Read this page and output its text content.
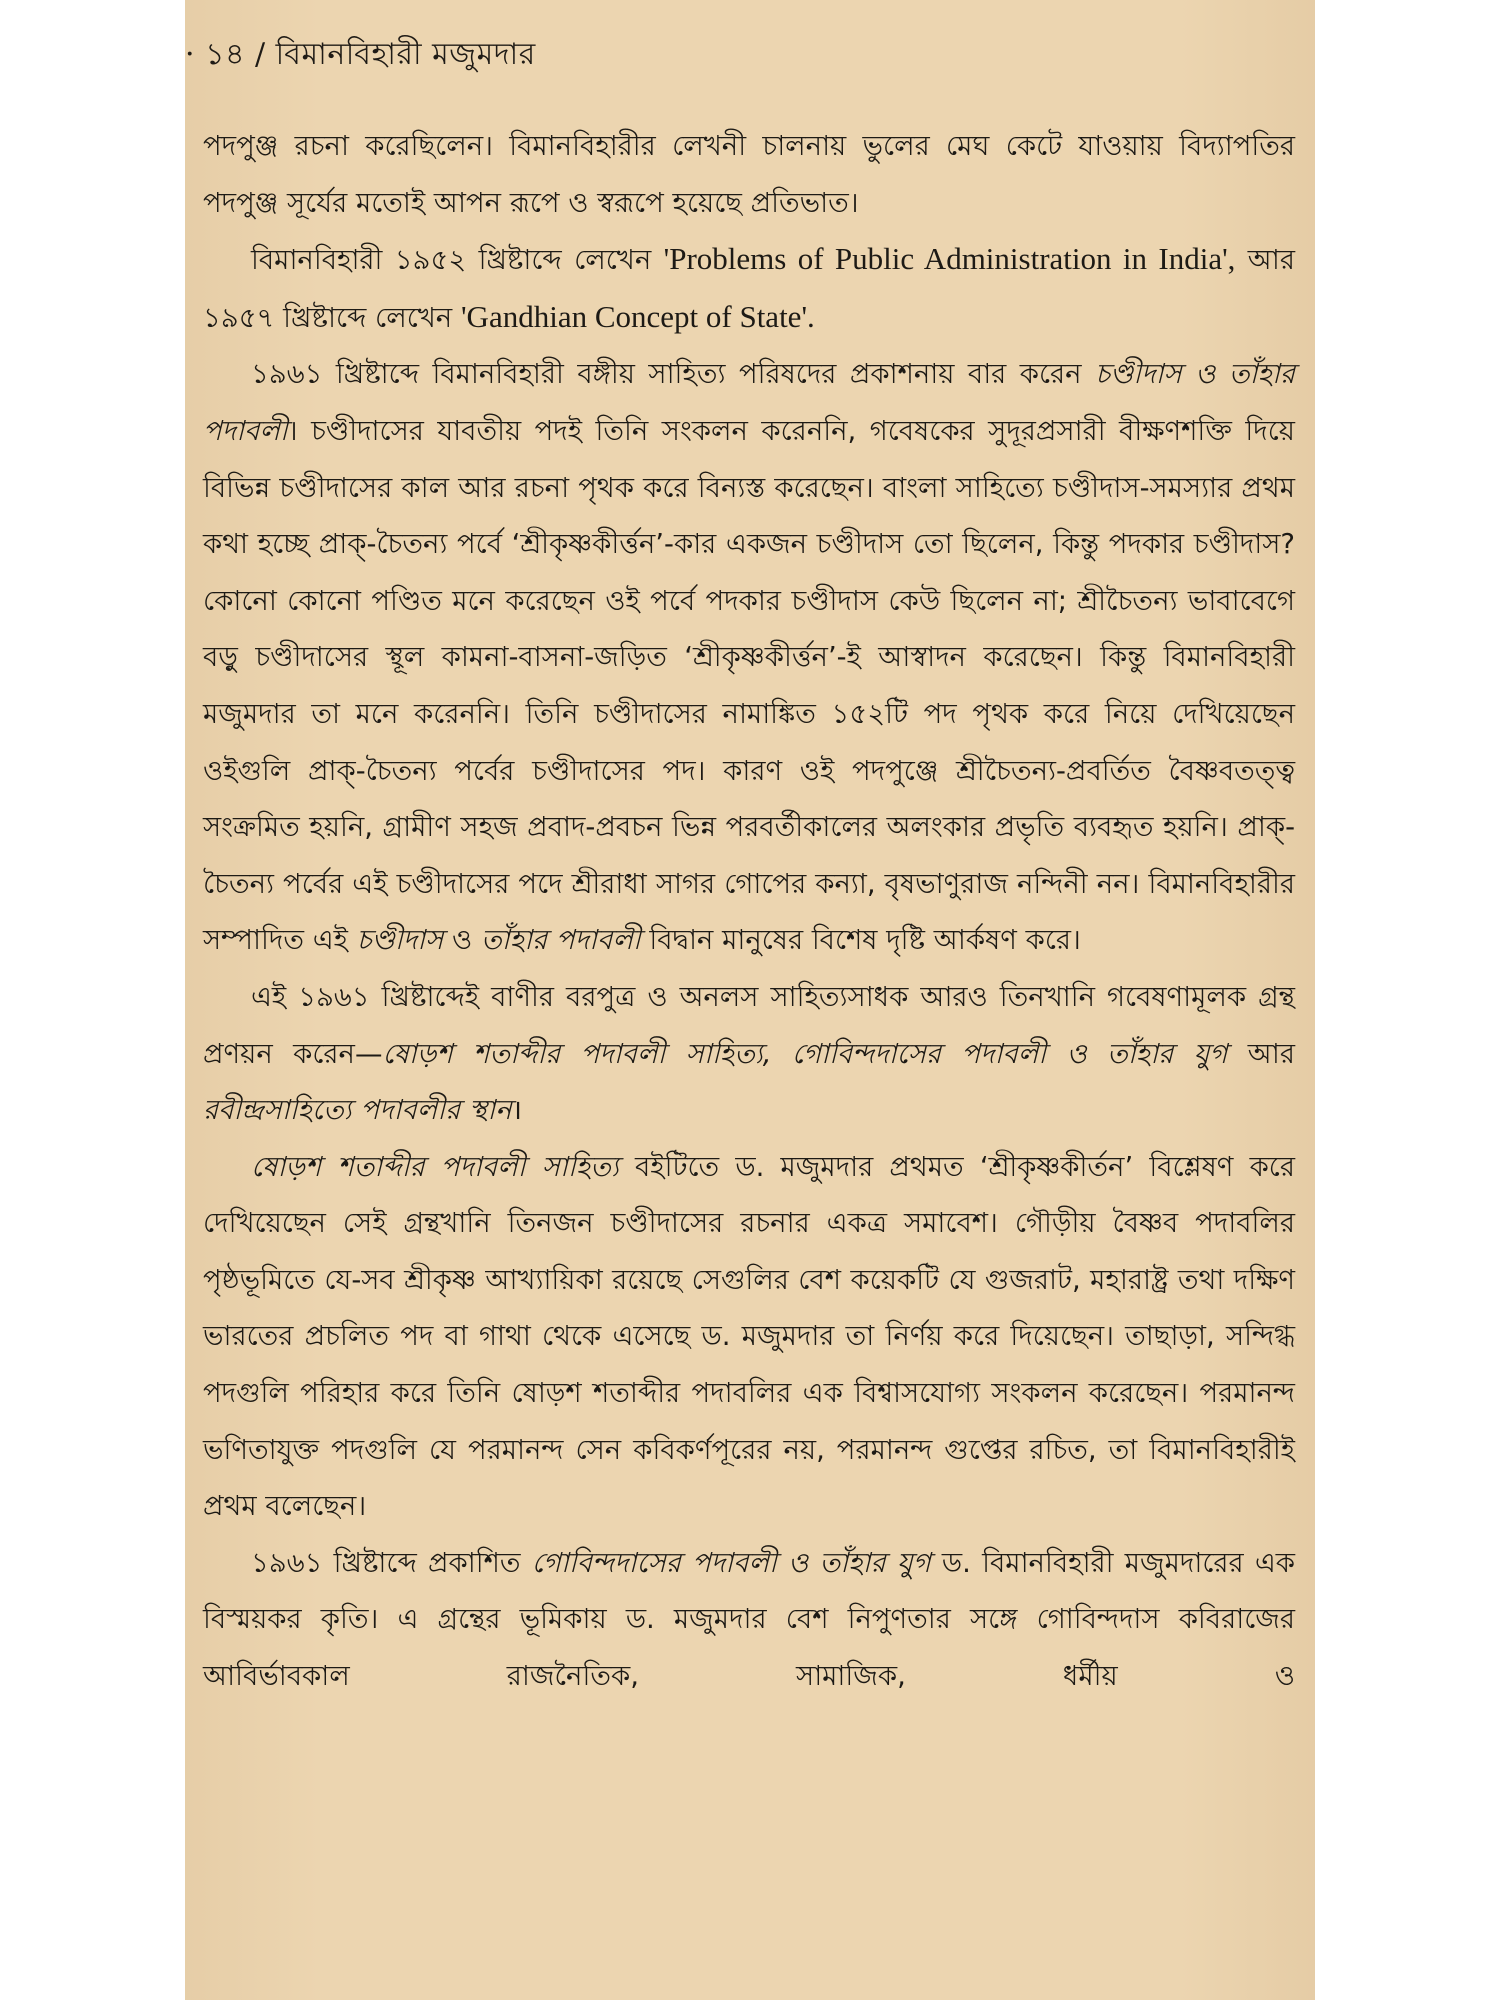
· ১৪ / বিমানবিহারী মজুমদার

পদপুঞ্জ রচনা করেছিলেন। বিমানবিহারীর লেখনী চালনায় ভুলের মেঘ কেটে যাওয়ায় বিদ্যাপতির পদপুঞ্জ সূর্যের মতোই আপন রূপে ও স্বরূপে হয়েছে প্রতিভাত।

বিমানবিহারী ১৯৫২ খ্রিষ্টাব্দে লেখেন 'Problems of Public Administration in India', আর ১৯৫৭ খ্রিষ্টাব্দে লেখেন 'Gandhian Concept of State'.

১৯৬১ খ্রিষ্টাব্দে বিমানবিহারী বঙ্গীয় সাহিত্য পরিষদের প্রকাশনায় বার করেন চণ্ডীদাস ও তাঁহার পদাবলী। চণ্ডীদাসের যাবতীয় পদই তিনি সংকলন করেননি, গবেষকের সুদূরপ্রসারী বীক্ষণশক্তি দিয়ে বিভিন্ন চণ্ডীদাসের কাল আর রচনা পৃথক করে বিন্যস্ত করেছেন। বাংলা সাহিত্যে চণ্ডীদাস-সমস্যার প্রথম কথা হচ্ছে প্রাক্-চৈতন্য পর্বে ‘শ্রীকৃষ্ণকীর্ত্তন’-কার একজন চণ্ডীদাস তো ছিলেন, কিন্তু পদকার চণ্ডীদাস? কোনো কোনো পণ্ডিত মনে করেছেন ওই পর্বে পদকার চণ্ডীদাস কেউ ছিলেন না; শ্রীচৈতন্য ভাবাবেগে বড়ু চণ্ডীদাসের স্থূল কামনা-বাসনা-জড়িত ‘শ্রীকৃষ্ণকীর্ত্তন’-ই আস্বাদন করেছেন। কিন্তু বিমানবিহারী মজুমদার তা মনে করেননি। তিনি চণ্ডীদাসের নামাঙ্কিত ১৫২টি পদ পৃথক করে নিয়ে দেখিয়েছেন ওইগুলি প্রাক্-চৈতন্য পর্বের চণ্ডীদাসের পদ। কারণ ওই পদপুঞ্জে শ্রীচৈতন্য-প্রবর্তিত বৈষ্ণবতত্ত্ব সংক্রমিত হয়নি, গ্রামীণ সহজ প্রবাদ-প্রবচন ভিন্ন পরবর্তীকালের অলংকার প্রভৃতি ব্যবহৃত হয়নি। প্রাক্-চৈতন্য পর্বের এই চণ্ডীদাসের পদে শ্রীরাধা সাগর গোপের কন্যা, বৃষভাণুরাজ নন্দিনী নন। বিমানবিহারীর সম্পাদিত এই চণ্ডীদাস ও তাঁহার পদাবলী বিদ্বান মানুষের বিশেষ দৃষ্টি আর্কষণ করে।

এই ১৯৬১ খ্রিষ্টাব্দেই বাণীর বরপুত্র ও অনলস সাহিত্যসাধক আরও তিনখানি গবেষণামূলক গ্রন্থ প্রণয়ন করেন—ষোড়শ শতাব্দীর পদাবলী সাহিত্য, গোবিন্দদাসের পদাবলী ও তাঁহার যুগ আর রবীন্দ্রসাহিত্যে পদাবলীর স্থান।

ষোড়শ শতাব্দীর পদাবলী সাহিত্য বইটিতে ড. মজুমদার প্রথমত ‘শ্রীকৃষ্ণকীর্তন’ বিশ্লেষণ করে দেখিয়েছেন সেই গ্রন্থখানি তিনজন চণ্ডীদাসের রচনার একত্র সমাবেশ। গৌড়ীয় বৈষ্ণব পদাবলির পৃষ্ঠভূমিতে যে-সব শ্রীকৃষ্ণ আখ্যায়িকা রয়েছে সেগুলির বেশ কয়েকটি যে গুজরাট, মহারাষ্ট্র তথা দক্ষিণ ভারতের প্রচলিত পদ বা গাথা থেকে এসেছে ড. মজুমদার তা নির্ণয় করে দিয়েছেন। তাছাড়া, সন্দিগ্ধ পদগুলি পরিহার করে তিনি ষোড়শ শতাব্দীর পদাবলির এক বিশ্বাসযোগ্য সংকলন করেছেন। পরমানন্দ ভণিতাযুক্ত পদগুলি যে পরমানন্দ সেন কবিকর্ণপূরের নয়, পরমানন্দ গুপ্তের রচিত, তা বিমানবিহারীই প্রথম বলেছেন।

১৯৬১ খ্রিষ্টাব্দে প্রকাশিত গোবিন্দদাসের পদাবলী ও তাঁহার যুগ ড. বিমানবিহারী মজুমদারের এক বিস্ময়কর কৃতি। এ গ্রন্থের ভূমিকায় ড. মজুমদার বেশ নিপুণতার সঙ্গে গোবিন্দদাস কবিরাজের আবির্ভাবকাল রাজনৈতিক, সামাজিক, ধর্মীয় ও
